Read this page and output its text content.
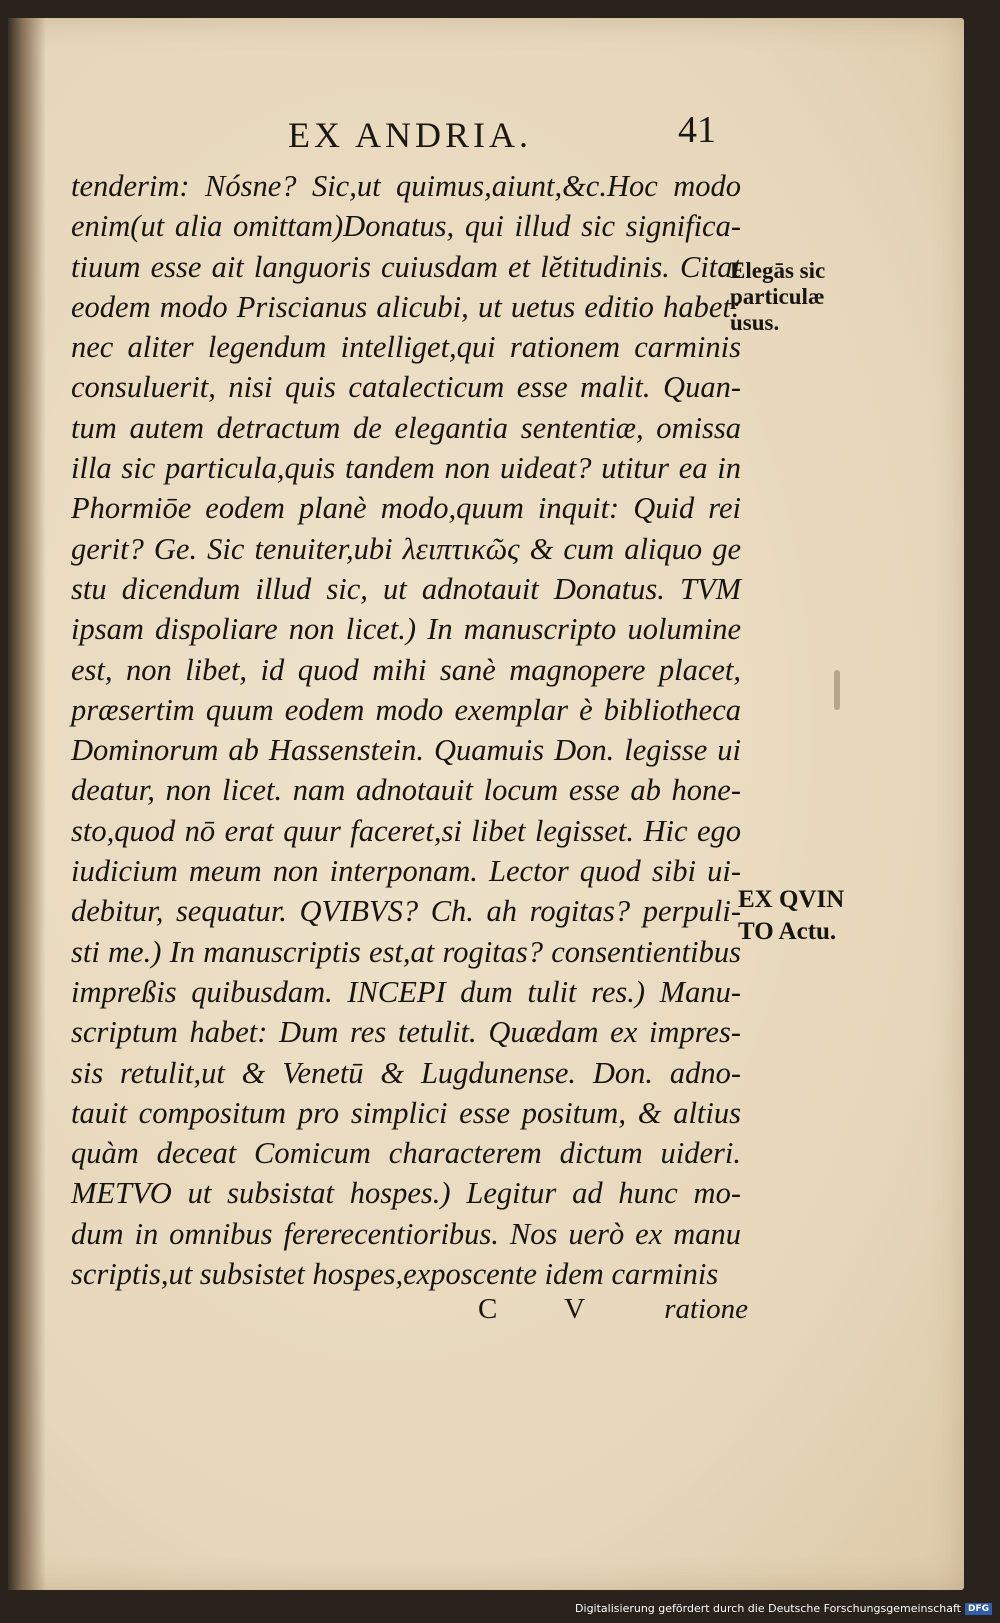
EX ANDRIA.	41
tenderim: Nósne? Sic,ut quimus,aiunt,&c.Hoc modo
enim(ut alia omittam)Donatus, qui illud sic significa-
tiuum esse ait languoris cuiusdam et lĕtitudinis. Citat
eodem modo Priscianus alicubi, ut uetus editio habet:
nec aliter legendum intelliget,qui rationem carminis
consuluerit, nisi quis catalecticum esse malit. Quan-
tum autem detractum de elegantia sententiæ, omissa
illa sic particula,quis tandem non uideat? utitur ea in
Phormiōe eodem planè modo,quum inquit: Quid rei
gerit? Ge. Sic tenuiter,ubi λειπτικῶς & cum aliquo ge
stu dicendum illud sic, ut adnotauit Donatus. TVM
ipsam dispoliare non licet.) In manuscripto uolumine
est, non libet, id quod mihi sanè magnopere placet,
præsertim quum eodem modo exemplar è bibliotheca
Dominorum ab Hassenstein. Quamuis Don. legisse ui
deatur, non licet. nam adnotauit locum esse ab hone-
sto,quod nō erat quur faceret,si libet legisset. Hic ego
iudicium meum non interponam. Lector quod sibi ui-
debitur, sequatur. QVIBVS? Ch. ah rogitas? perpuli-
sti me.) In manuscriptis est,at rogitas? consentientibus
impreßis quibusdam. INCEPI dum tulit res.) Manu-
scriptum habet: Dum res tetulit. Quædam ex impres-
sis retulit,ut & Venetū & Lugdunense. Don. adno-
tauit compositum pro simplici esse positum, & altius
quàm deceat Comicum characterem dictum uideri.
METVO ut subsistat hospes.) Legitur ad hunc mo-
dum in omnibus fererecentioribus. Nos uerò ex manu
scriptis,ut subsistet hospes,exposcente idem carminis
Elegās sic
particulæ
usus.
EX QVIN
TO Actu.
C V ratione
Digitalisierung gefördert durch die Deutsche Forschungsgemeinschaft DFG
